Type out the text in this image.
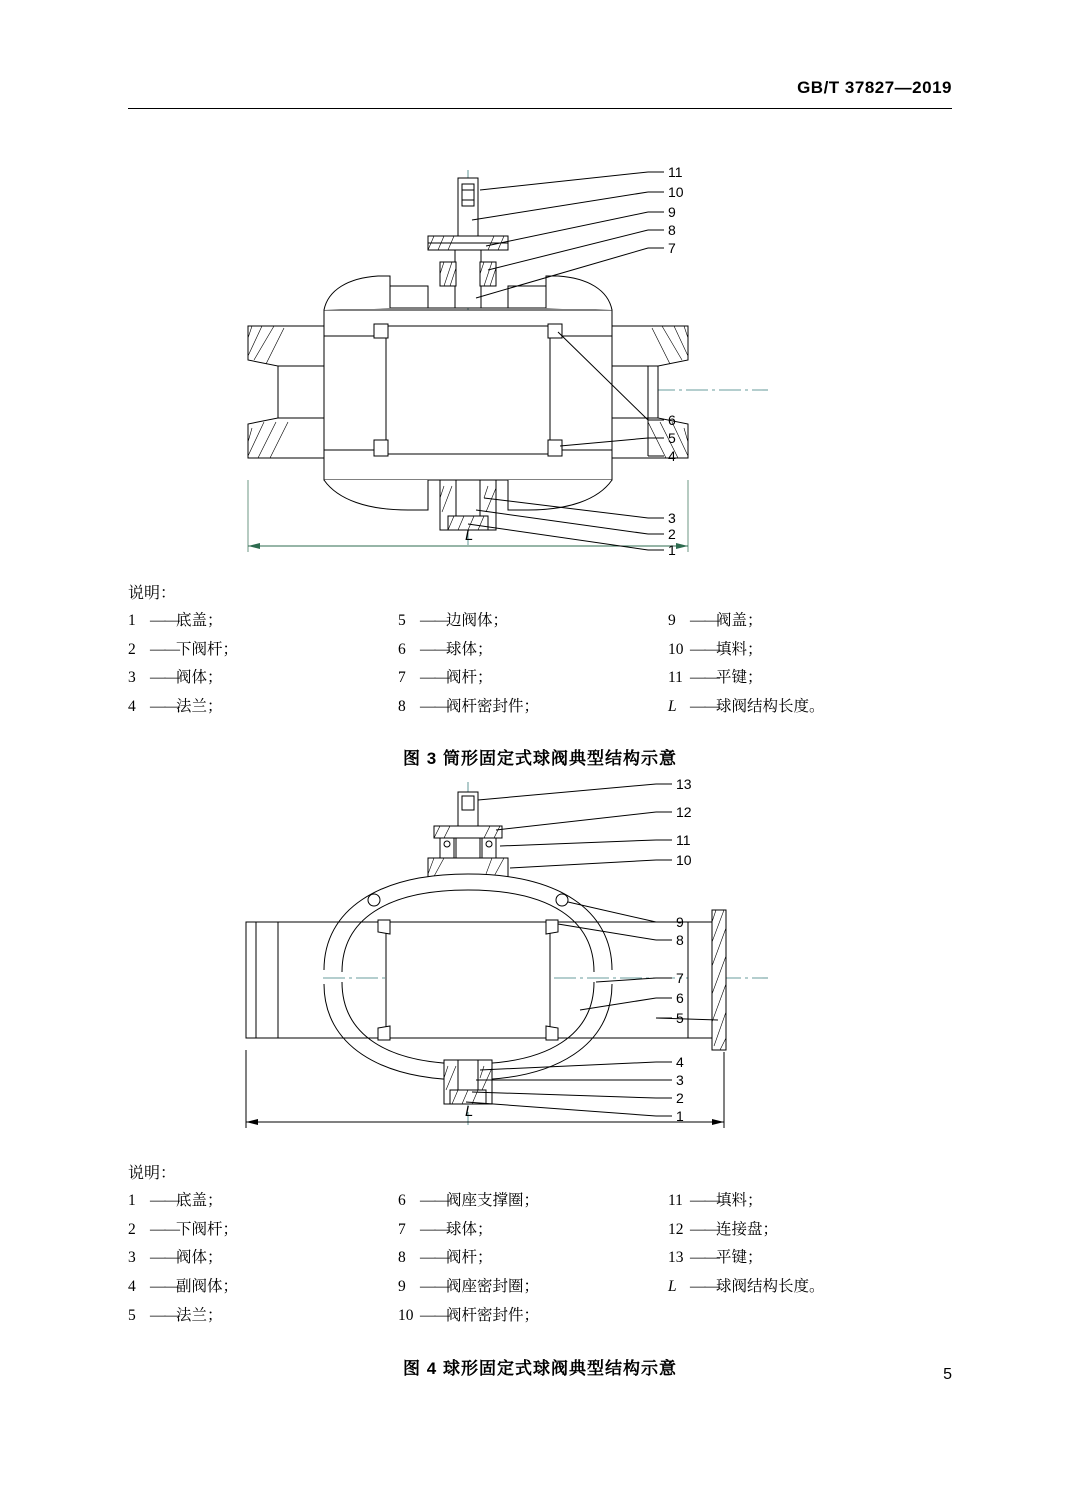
GB/T 37827—2019
L
11
10
9
8
7
6
5
4
3
2
1
说明：
1 ——底盖；	5 ——边阀体；	9 ——阀盖；
2 ——下阀杆；	6 ——球体；	10 ——填料；
3 ——阀体；	7 ——阀杆；	11 ——平键；
4 ——法兰；	8 ——阀杆密封件；	L ——球阀结构长度。
图 3 筒形固定式球阀典型结构示意
L
13
12
11
10
9
8
7
6
5
4
3
2
1
说明：
1 ——底盖；	6 ——阀座支撑圈；	11 ——填料；
2 ——下阀杆；	7 ——球体；	12 ——连接盘；
3 ——阀体；	8 ——阀杆；	13 ——平键；
4 ——副阀体；	9 ——阀座密封圈；	L ——球阀结构长度。
5 ——法兰；	10 ——阀杆密封件；
图 4 球形固定式球阀典型结构示意	5
